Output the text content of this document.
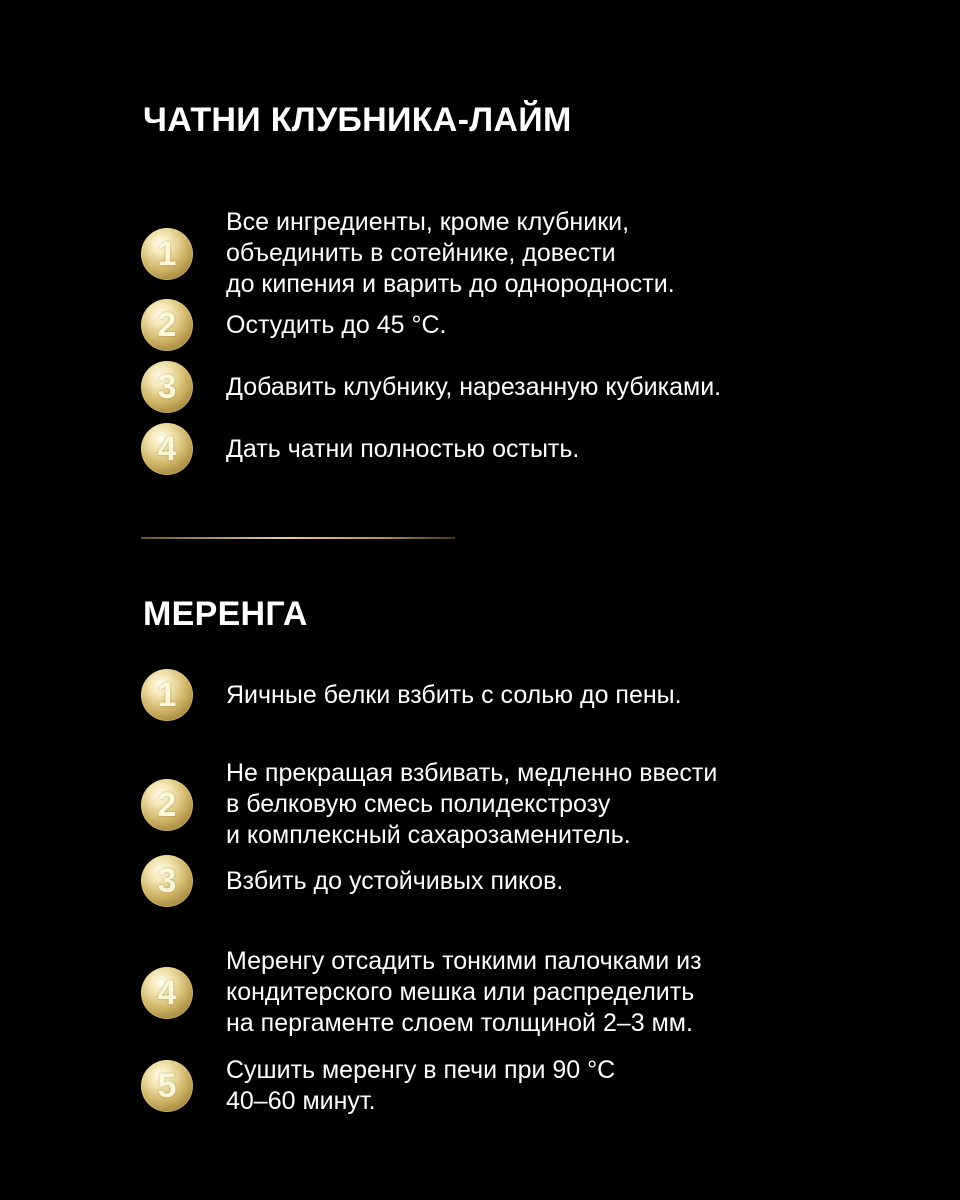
ЧАТНИ КЛУБНИКА-ЛАЙМ
1
Все ингредиенты, кроме клубники,
объединить в сотейнике, довести
до кипения и варить до однородности.
2 Остудить до 45 °С.
3 Добавить клубнику, нарезанную кубиками.
4 Дать чатни полностью остыть.
МЕРЕНГА
1 Яичные белки взбить с солью до пены.
2
Не прекращая взбивать, медленно ввести
в белковую смесь полидекстрозу
и комплексный сахарозаменитель.
3 Взбить до устойчивых пиков.
4
Меренгу отсадить тонкими палочками из
кондитерского мешка или распределить
на пергаменте слоем толщиной 2–3 мм.
5 Сушить меренгу в печи при 90 °С
40–60 минут.
